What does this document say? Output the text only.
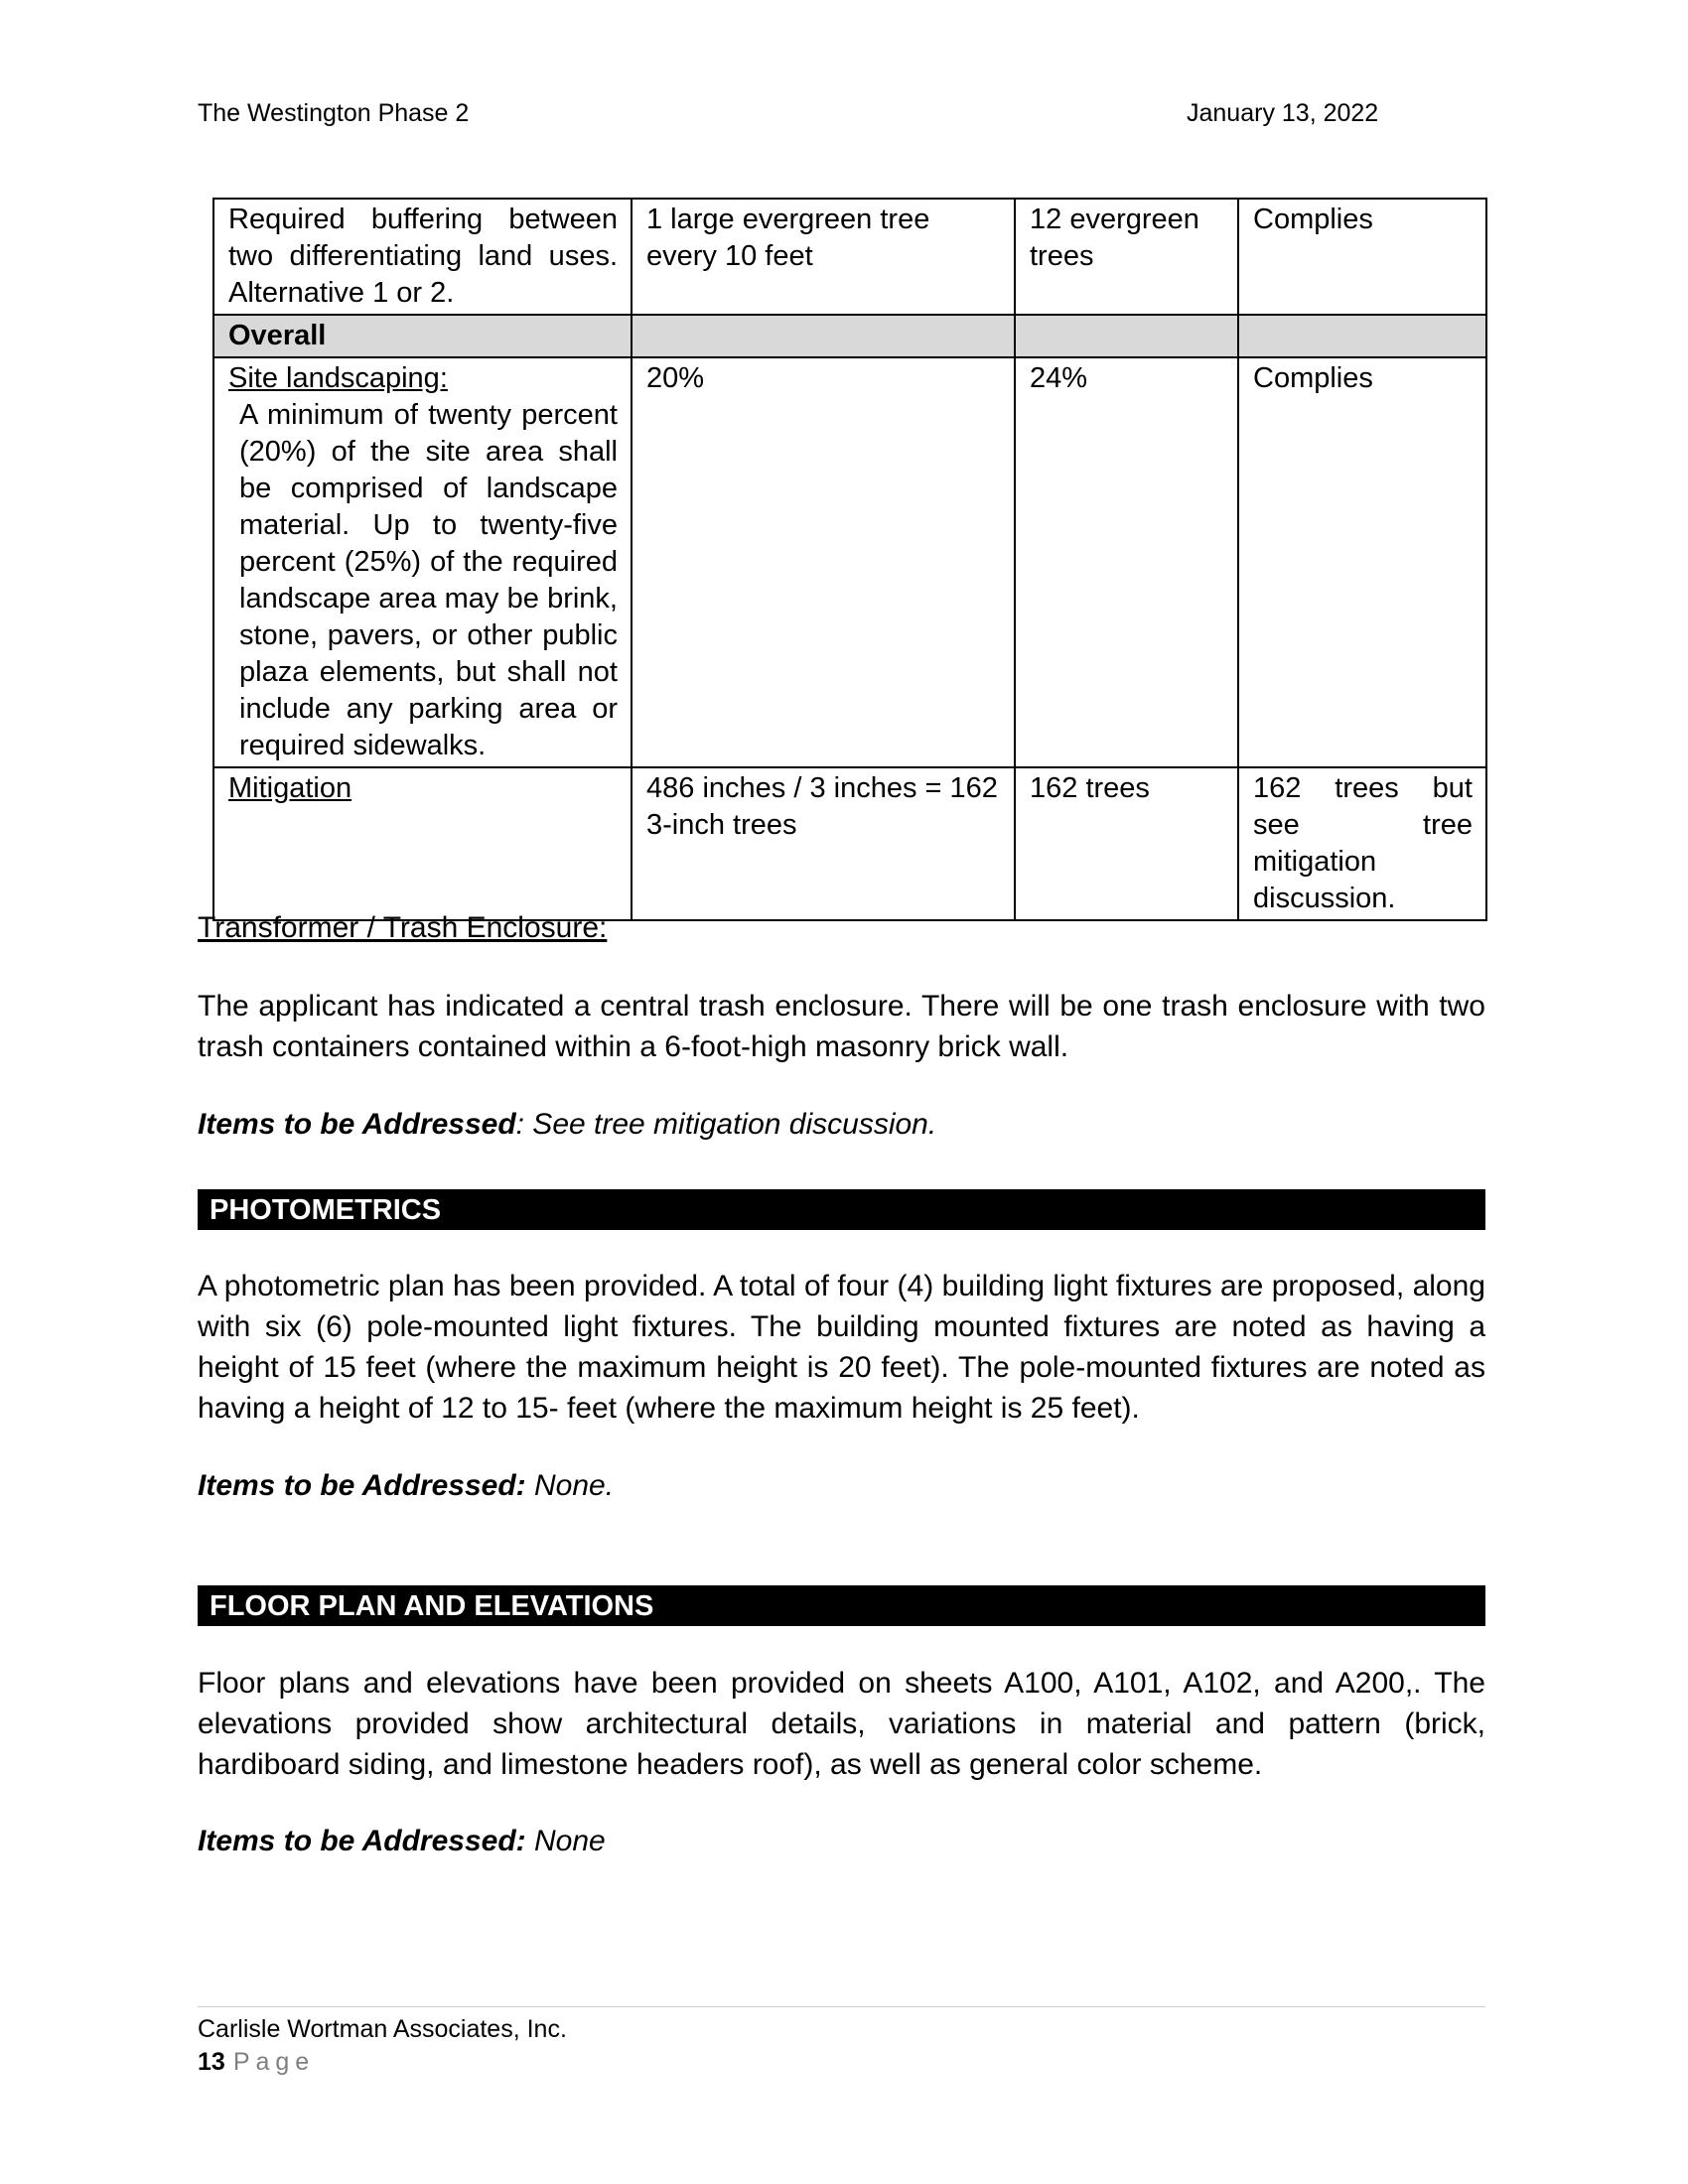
The Westington Phase 2	January 13, 2022
Required buffering between two differentiating land uses. Alternative 1 or 2.	1 large evergreen tree every 10 feet	12 evergreen trees	Complies
Overall			
Site landscaping:
A minimum of twenty percent (20%) of the site area shall be comprised of landscape material. Up to twenty-five percent (25%) of the required landscape area may be brink, stone, pavers, or other public plaza elements, but shall not include any parking area or required sidewalks.	20%	24%	Complies
Mitigation	486 inches / 3 inches = 162 3-inch trees	162 trees	162 trees but see tree mitigation discussion.
Transformer / Trash Enclosure:
The applicant has indicated a central trash enclosure. There will be one trash enclosure with two trash containers contained within a 6-foot-high masonry brick wall.
Items to be Addressed: See tree mitigation discussion.
PHOTOMETRICS
A photometric plan has been provided. A total of four (4) building light fixtures are proposed, along with six (6) pole-mounted light fixtures. The building mounted fixtures are noted as having a height of 15 feet (where the maximum height is 20 feet). The pole-mounted fixtures are noted as having a height of 12 to 15- feet (where the maximum height is 25 feet).
Items to be Addressed: None.
FLOOR PLAN AND ELEVATIONS
Floor plans and elevations have been provided on sheets A100, A101, A102, and A200,. The elevations provided show architectural details, variations in material and pattern (brick, hardiboard siding, and limestone headers roof), as well as general color scheme.
Items to be Addressed: None
Carlisle Wortman Associates, Inc.
13 Page
